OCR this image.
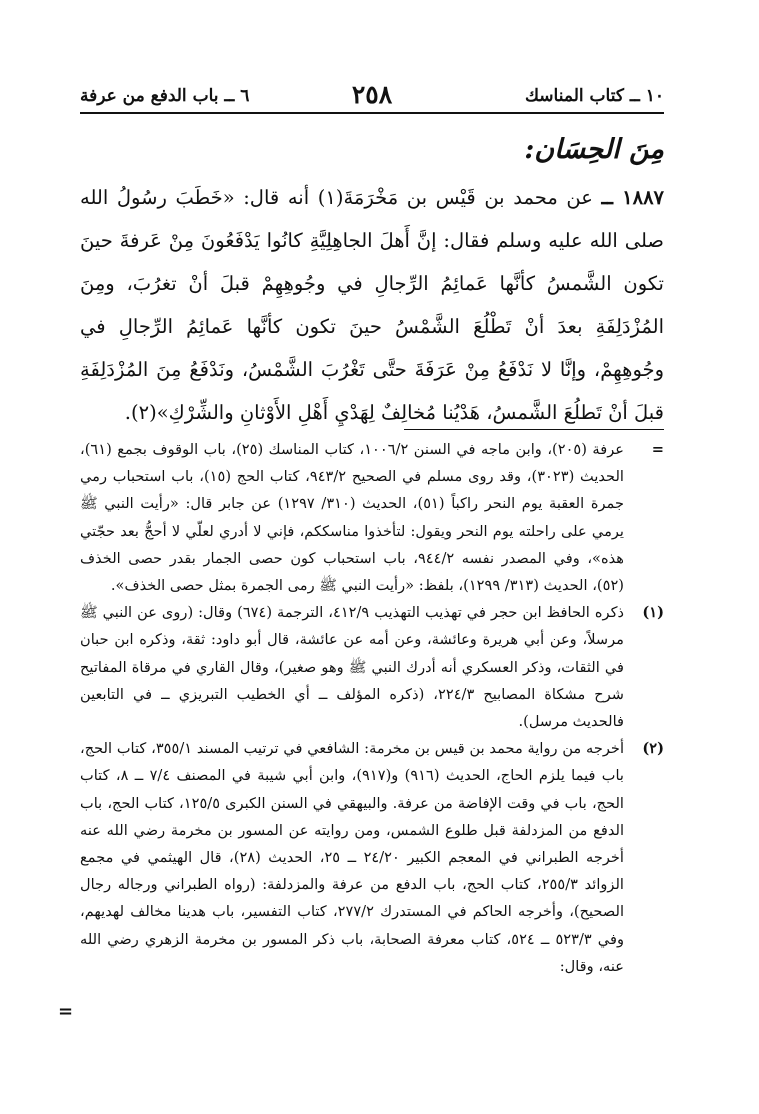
١٠ ــ كتاب المناسك
٢٥٨
٦ ــ باب الدفع من عرفة
مِنَ الحِسَان:
١٨٨٧ ــ عن محمد بن قَيْس بن مَخْرَمَةَ(١) أنه قال: «خَطَبَ رسُولُ الله صلى الله عليه وسلم فقال: إنَّ أَهلَ الجاهِلِيَّةِ كانُوا يَدْفَعُونَ مِنْ عَرفةَ حينَ تكون الشَّمسُ كأنَّها عَمائِمُ الرِّجالِ في وجُوهِهِمْ قبلَ أنْ تغرُبَ، ومِنَ المُزْدَلِفَةِ بعدَ أنْ تَطْلُعَ الشَّمْسُ حينَ تكون كأنَّها عَمائِمُ الرِّجالِ في وجُوهِهِمْ، وإنَّا لا نَدْفَعُ مِنْ عَرَفَةَ حتَّى تَغْرُبَ الشَّمْسُ، ونَدْفَعُ مِنَ المُزْدَلِفَةِ قبلَ أنْ تَطلُعَ الشَّمسُ، هَدْيُنا مُخالِفٌ لِهَدْيِ أَهْلِ الأَوْثانِ والشِّرْكِ»(٢).
=
عرفة (٢٠٥)، وابن ماجه في السنن ١٠٠٦/٢، كتاب المناسك (٢٥)، باب الوقوف بجمع (٦١)، الحديث (٣٠٢٣)، وقد روى مسلم في الصحيح ٩٤٣/٢، كتاب الحج (١٥)، باب استحباب رمي جمرة العقبة يوم النحر راكباً (٥١)، الحديث (٣١٠/ ١٢٩٧) عن جابر قال: «رأيت النبي ﷺ يرمي على راحلته يوم النحر ويقول: لتأخذوا مناسككم، فإني لا أدري لعلّي لا أحجُّ بعد حجّتي هذه»، وفي المصدر نفسه ٩٤٤/٢، باب استحباب كون حصى الجمار بقدر حصى الخذف (٥٢)، الحديث (٣١٣/ ١٢٩٩)، بلفظ: «رأيت النبي ﷺ رمى الجمرة بمثل حصى الخذف».
(١)
ذكره الحافظ ابن حجر في تهذيب التهذيب ٤١٢/٩، الترجمة (٦٧٤) وقال: (روى عن النبي ﷺ مرسلاً، وعن أبي هريرة وعائشة، وعن أمه عن عائشة، قال أبو داود: ثقة، وذكره ابن حبان في الثقات، وذكر العسكري أنه أدرك النبي ﷺ وهو صغير)، وقال القاري في مرقاة المفاتيح شرح مشكاة المصابيح ٢٢٤/٣، (ذكره المؤلف ــ أي الخطيب التبريزي ــ في التابعين فالحديث مرسل).
(٢)
أخرجه من رواية محمد بن قيس بن مخرمة: الشافعي في ترتيب المسند ٣٥٥/١، كتاب الحج، باب فيما يلزم الحاج، الحديث (٩١٦) و(٩١٧)، وابن أبي شيبة في المصنف ٧/٤ ــ ٨، كتاب الحج، باب في وقت الإفاضة من عرفة. والبيهقي في السنن الكبرى ١٢٥/٥، كتاب الحج، باب الدفع من المزدلفة قبل طلوع الشمس، ومن روايته عن المسور بن مخرمة رضي الله عنه أخرجه الطبراني في المعجم الكبير ٢٤/٢٠ ــ ٢٥، الحديث (٢٨)، قال الهيثمي في مجمع الزوائد ٢٥٥/٣، كتاب الحج، باب الدفع من عرفة والمزدلفة: (رواه الطبراني ورجاله رجال الصحيح)، وأخرجه الحاكم في المستدرك ٢٧٧/٢، كتاب التفسير، باب هدينا مخالف لهديهم، وفي ٥٢٣/٣ ــ ٥٢٤، كتاب معرفة الصحابة، باب ذكر المسور بن مخرمة الزهري رضي الله عنه، وقال:
=
